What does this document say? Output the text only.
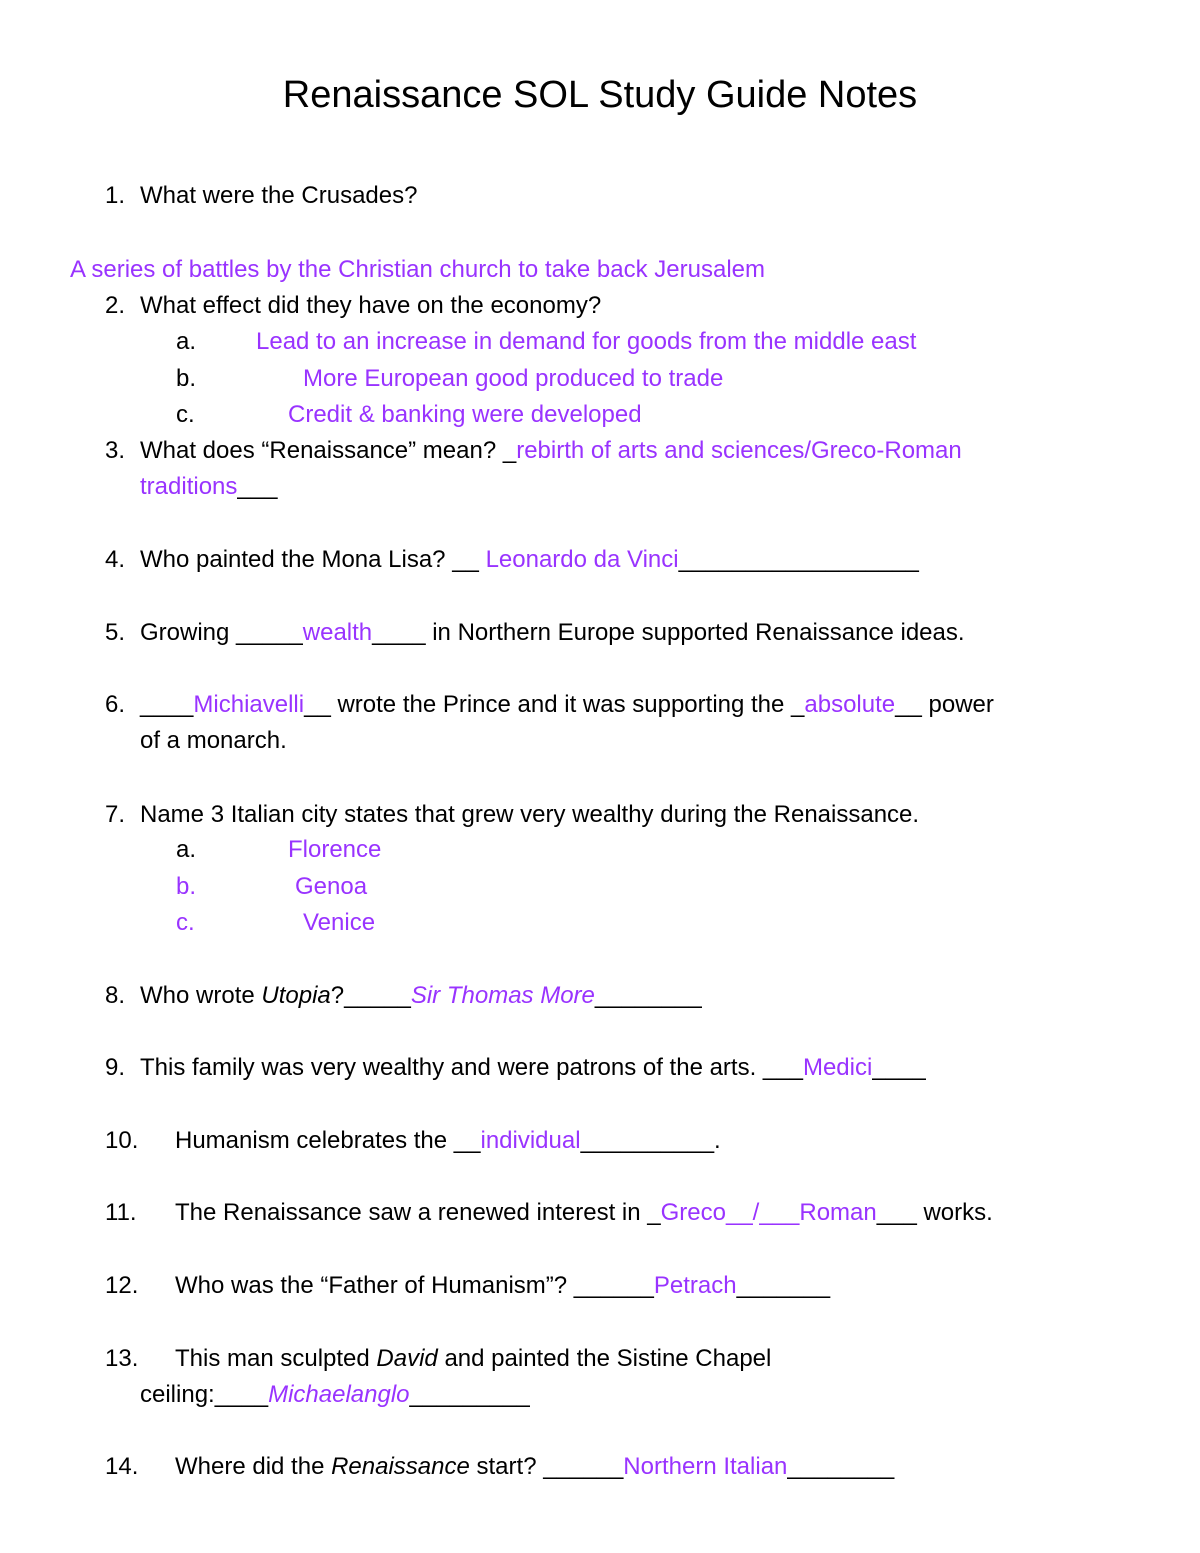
Renaissance SOL Study Guide Notes
1. What were the Crusades?
A series of battles by the Christian church to take back Jerusalem
2. What effect did they have on the economy?
a. Lead to an increase in demand for goods from the middle east
b.	More European good produced to trade
c.	Credit & banking were developed
3. What does “Renaissance” mean? _rebirth of arts and sciences/Greco-Roman
traditions___
4. Who painted the Mona Lisa? __ Leonardo da Vinci__________________
5. Growing _____wealth____ in Northern Europe supported Renaissance ideas.
6. ____Michiavelli__ wrote the Prince and it was supporting the _absolute__ power
of a monarch.
7. Name 3 Italian city states that grew very wealthy during the Renaissance.
a.	Florence
b.	Genoa
c.	Venice
8. Who wrote Utopia?_____Sir Thomas More________
9. This family was very wealthy and were patrons of the arts. ___Medici____
10. Humanism celebrates the __individual__________.
11. The Renaissance saw a renewed interest in _Greco__/___Roman___ works.
12. Who was the “Father of Humanism”? ______Petrach_______
13. This man sculpted David and painted the Sistine Chapel
ceiling:____Michaelanglo_________
14. Where did the Renaissance start? ______Northern Italian________
